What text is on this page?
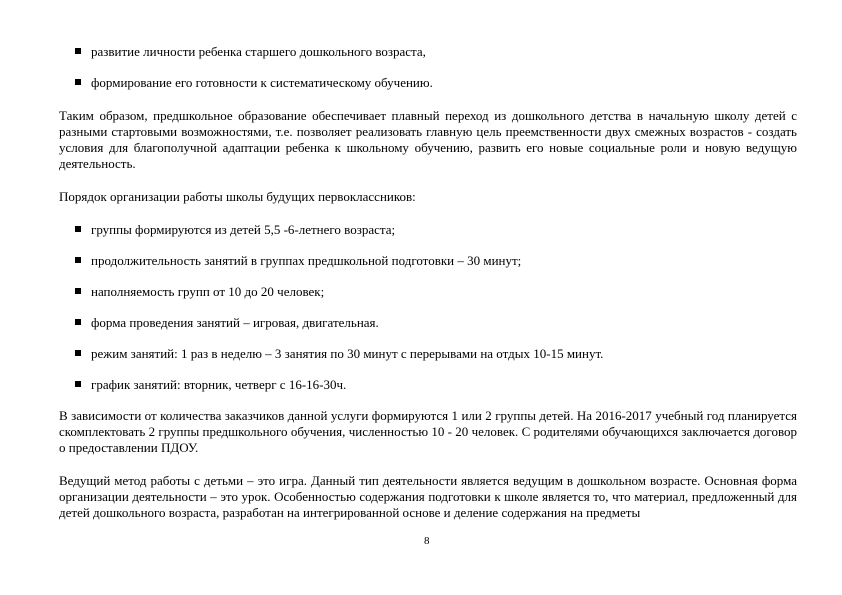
развитие личности ребенка старшего дошкольного возраста,
формирование его готовности к систематическому обучению.
Таким образом, предшкольное образование обеспечивает плавный переход из дошкольного детства в начальную школу детей с разными стартовыми возможностями, т.е. позволяет реализовать главную цель преемственности двух смежных возрастов - создать условия для благополучной адаптации ребенка к школьному обучению, развить его новые социальные роли и новую ведущую деятельность.
Порядок организации работы школы будущих первоклассников:
группы формируются из детей 5,5 -6-летнего возраста;
продолжительность занятий в группах предшкольной подготовки – 30 минут;
наполняемость групп от 10 до 20 человек;
форма проведения занятий – игровая, двигательная.
режим занятий: 1 раз в неделю – 3 занятия по 30 минут с перерывами на отдых 10-15 минут.
график занятий: вторник, четверг с 16-16-30ч.
В зависимости от количества заказчиков данной услуги формируются 1 или 2 группы детей. На 2016-2017 учебный год планируется скомплектовать 2 группы предшкольного обучения, численностью 10 - 20 человек. С родителями обучающихся заключается договор о предоставлении ПДОУ.
Ведущий метод работы с детьми – это игра. Данный тип деятельности является ведущим в дошкольном возрасте. Основная форма организации деятельности – это урок. Особенностью содержания подготовки к школе является то, что материал, предложенный для детей дошкольного возраста, разработан на интегрированной основе и деление содержания на предметы
8
